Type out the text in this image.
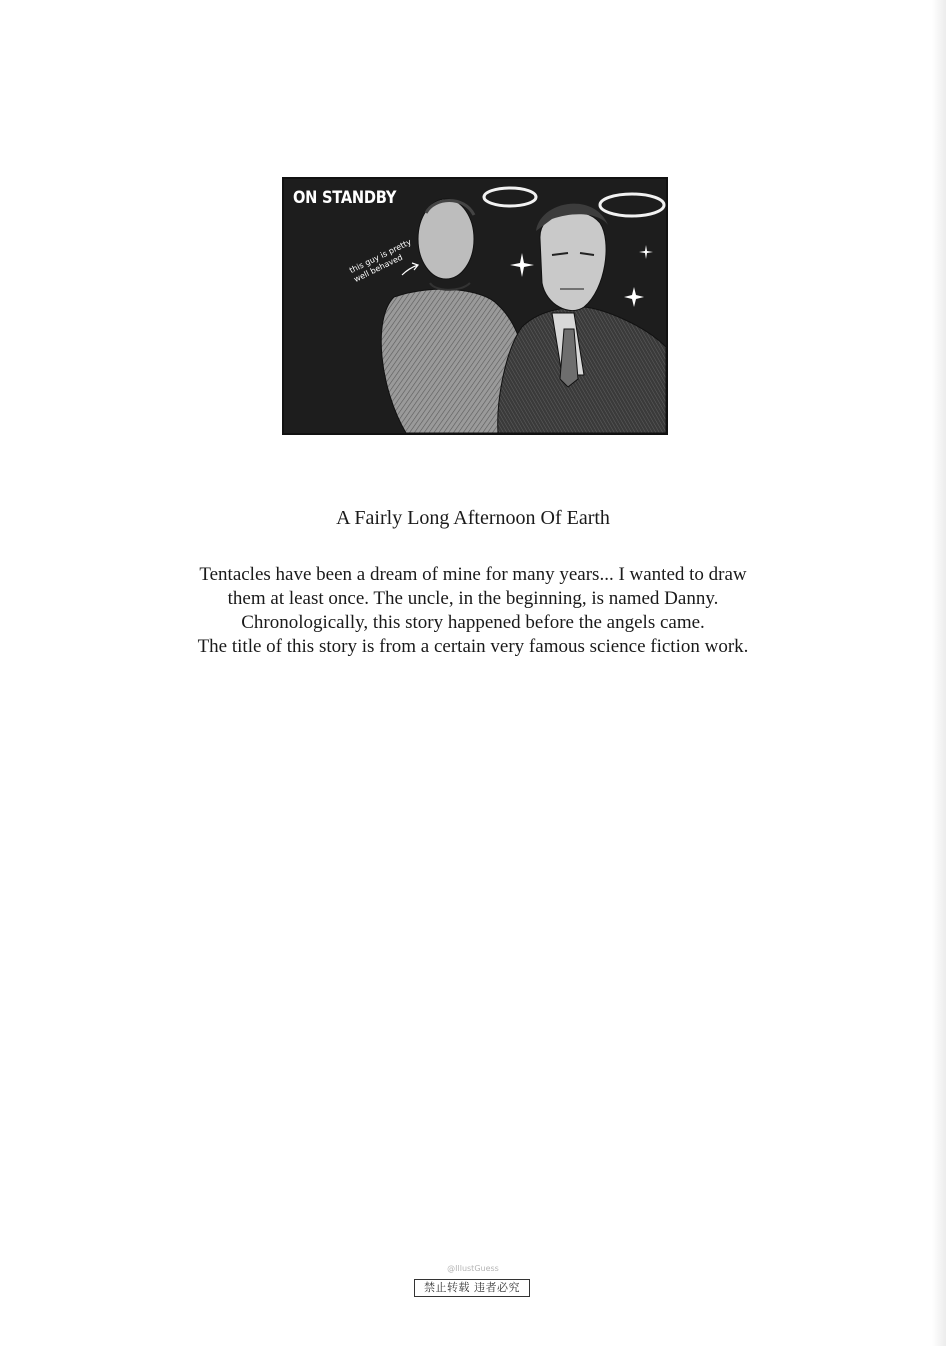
ON STANDBY
this guy is pretty well behaved
A Fairly Long Afternoon Of Earth
Tentacles have been a dream of mine for many years... I wanted to draw
them at least once. The uncle, in the beginning, is named Danny.
Chronologically, this story happened before the angels came.
The title of this story is from a certain very famous science fiction work.
@IllustGuess
禁止转载 违者必究
